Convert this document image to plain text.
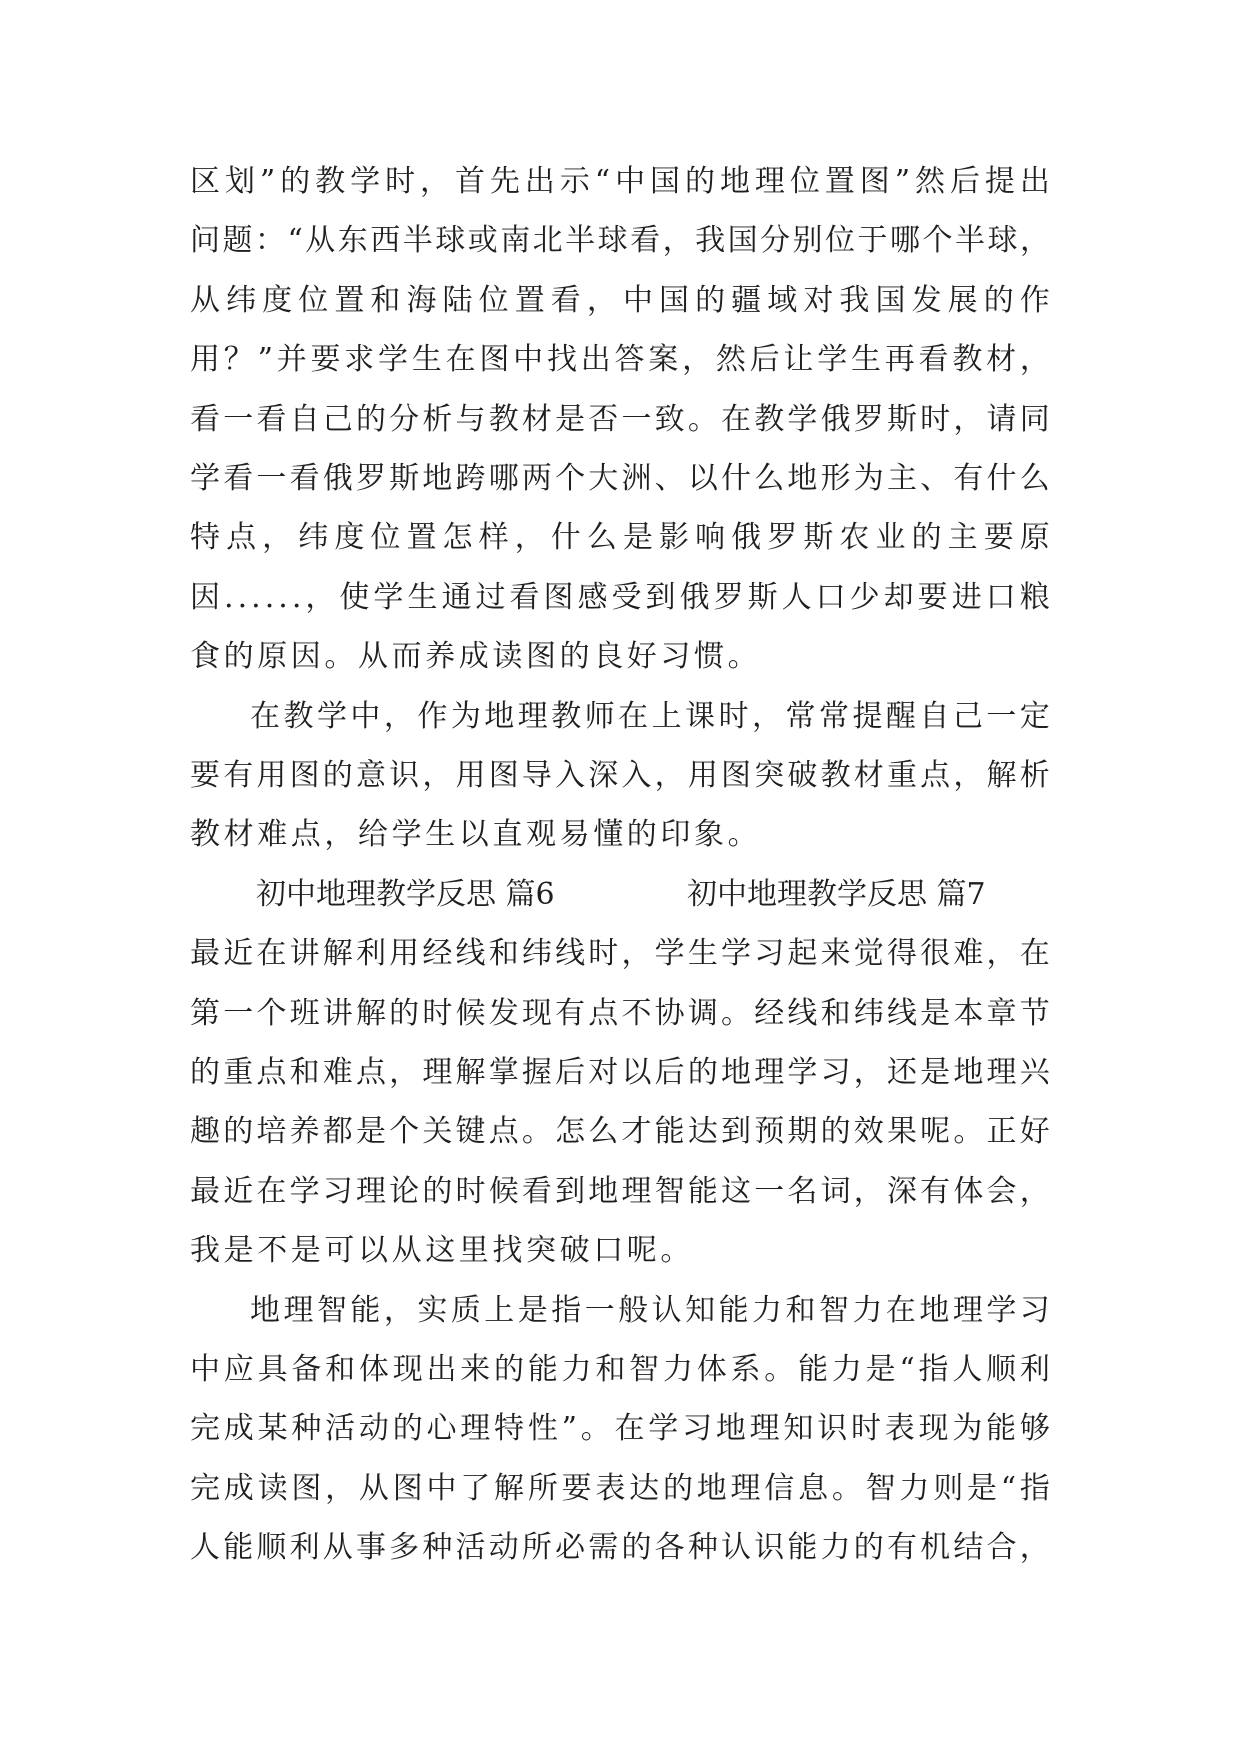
区 划 ” 的 教 学 时 ， 首 先 出 示 “ 中 国 的 地 理 位 置 图 ” 然 后 提 出
问 题 ： “ 从 东 西 半 球 或 南 北 半 球 看 ， 我 国 分 别 位 于 哪 个 半 球 ，
从 纬 度 位 置 和 海 陆 位 置 看 ， 中 国 的 疆 域 对 我 国 发 展 的 作
用 ？ ” 并 要 求 学 生 在 图 中 找 出 答 案 ， 然 后 让 学 生 再 看 教 材 ，
看 一 看 自 己 的 分 析 与 教 材 是 否 一 致 。 在 教 学 俄 罗 斯 时 ， 请 同
学 看 一 看 俄 罗 斯 地 跨 哪 两 个 大 洲 、 以 什 么 地 形 为 主 、 有 什 么
特 点 ， 纬 度 位 置 怎 样 ， 什 么 是 影 响 俄 罗 斯 农 业 的 主 要 原
因 . . . . . . ， 使 学 生 通 过 看 图 感 受 到 俄 罗 斯 人 口 少 却 要 进 口 粮
食的原因。从而养成读图的良好习惯。
在 教 学 中 ， 作 为 地 理 教 师 在 上 课 时 ， 常 常 提 醒 自 己 一 定
要 有 用 图 的 意 识 ， 用 图 导 入 深 入 ， 用 图 突 破 教 材 重 点 ， 解 析
教材难点，给学生以直观易懂的印象。
初中地理教学反思 篇6	初中地理教学反思 篇7
最 近 在 讲 解 利 用 经 线 和 纬 线 时 ， 学 生 学 习 起 来 觉 得 很 难 ， 在
第 一 个 班 讲 解 的 时 候 发 现 有 点 不 协 调 。 经 线 和 纬 线 是 本 章 节
的 重 点 和 难 点 ， 理 解 掌 握 后 对 以 后 的 地 理 学 习 ， 还 是 地 理 兴
趣 的 培 养 都 是 个 关 键 点 。 怎 么 才 能 达 到 预 期 的 效 果 呢 。 正 好
最 近 在 学 习 理 论 的 时 候 看 到 地 理 智 能 这 一 名 词 ， 深 有 体 会 ，
我是不是可以从这里找突破口呢。
地 理 智 能 ， 实 质 上 是 指 一 般 认 知 能 力 和 智 力 在 地 理 学 习
中 应 具 备 和 体 现 出 来 的 能 力 和 智 力 体 系 。 能 力 是 “ 指 人 顺 利
完 成 某 种 活 动 的 心 理 特 性 ” 。 在 学 习 地 理 知 识 时 表 现 为 能 够
完 成 读 图 ， 从 图 中 了 解 所 要 表 达 的 地 理 信 息 。 智 力 则 是 “ 指
人 能 顺 利 从 事 多 种 活 动 所 必 需 的 各 种 认 识 能 力 的 有 机 结 合 ，
